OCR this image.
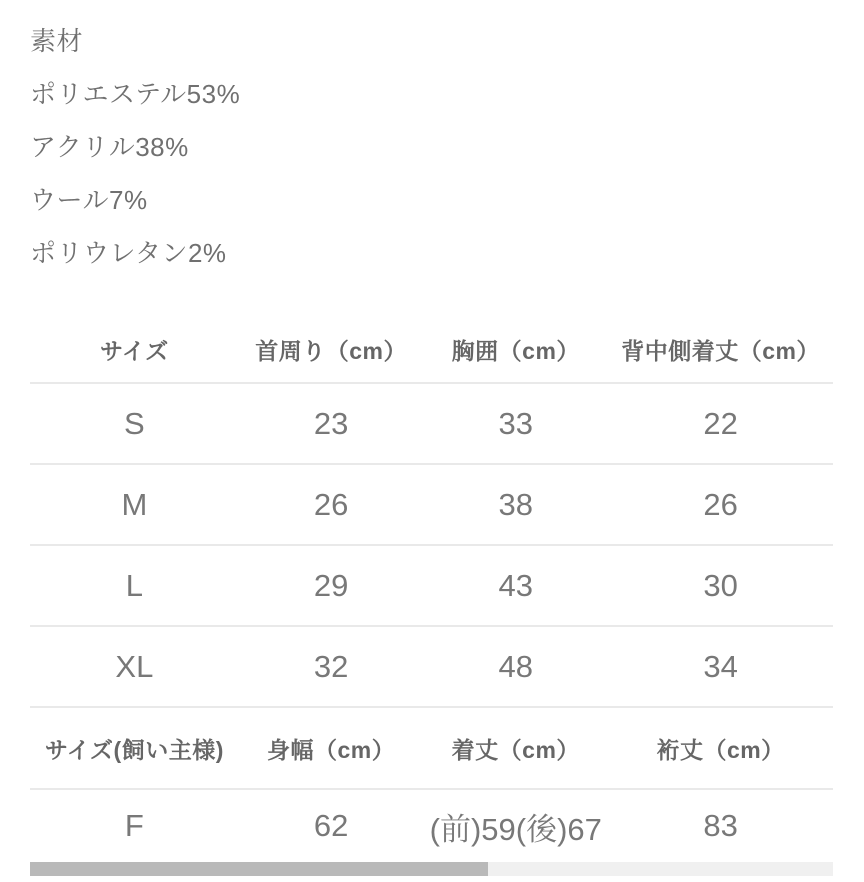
素材

ポリエステル53%

アクリル38%

ウール7%

ポリウレタン2%

サイズ	首周り（cm）	胸囲（cm）	背中側着丈（cm）
S	23	33	22
M	26	38	26
L	29	43	30
XL	32	48	34
サイズ(飼い主様)	身幅（cm）	着丈（cm）	裄丈（cm）
F	62	(前)59(後)67	83
